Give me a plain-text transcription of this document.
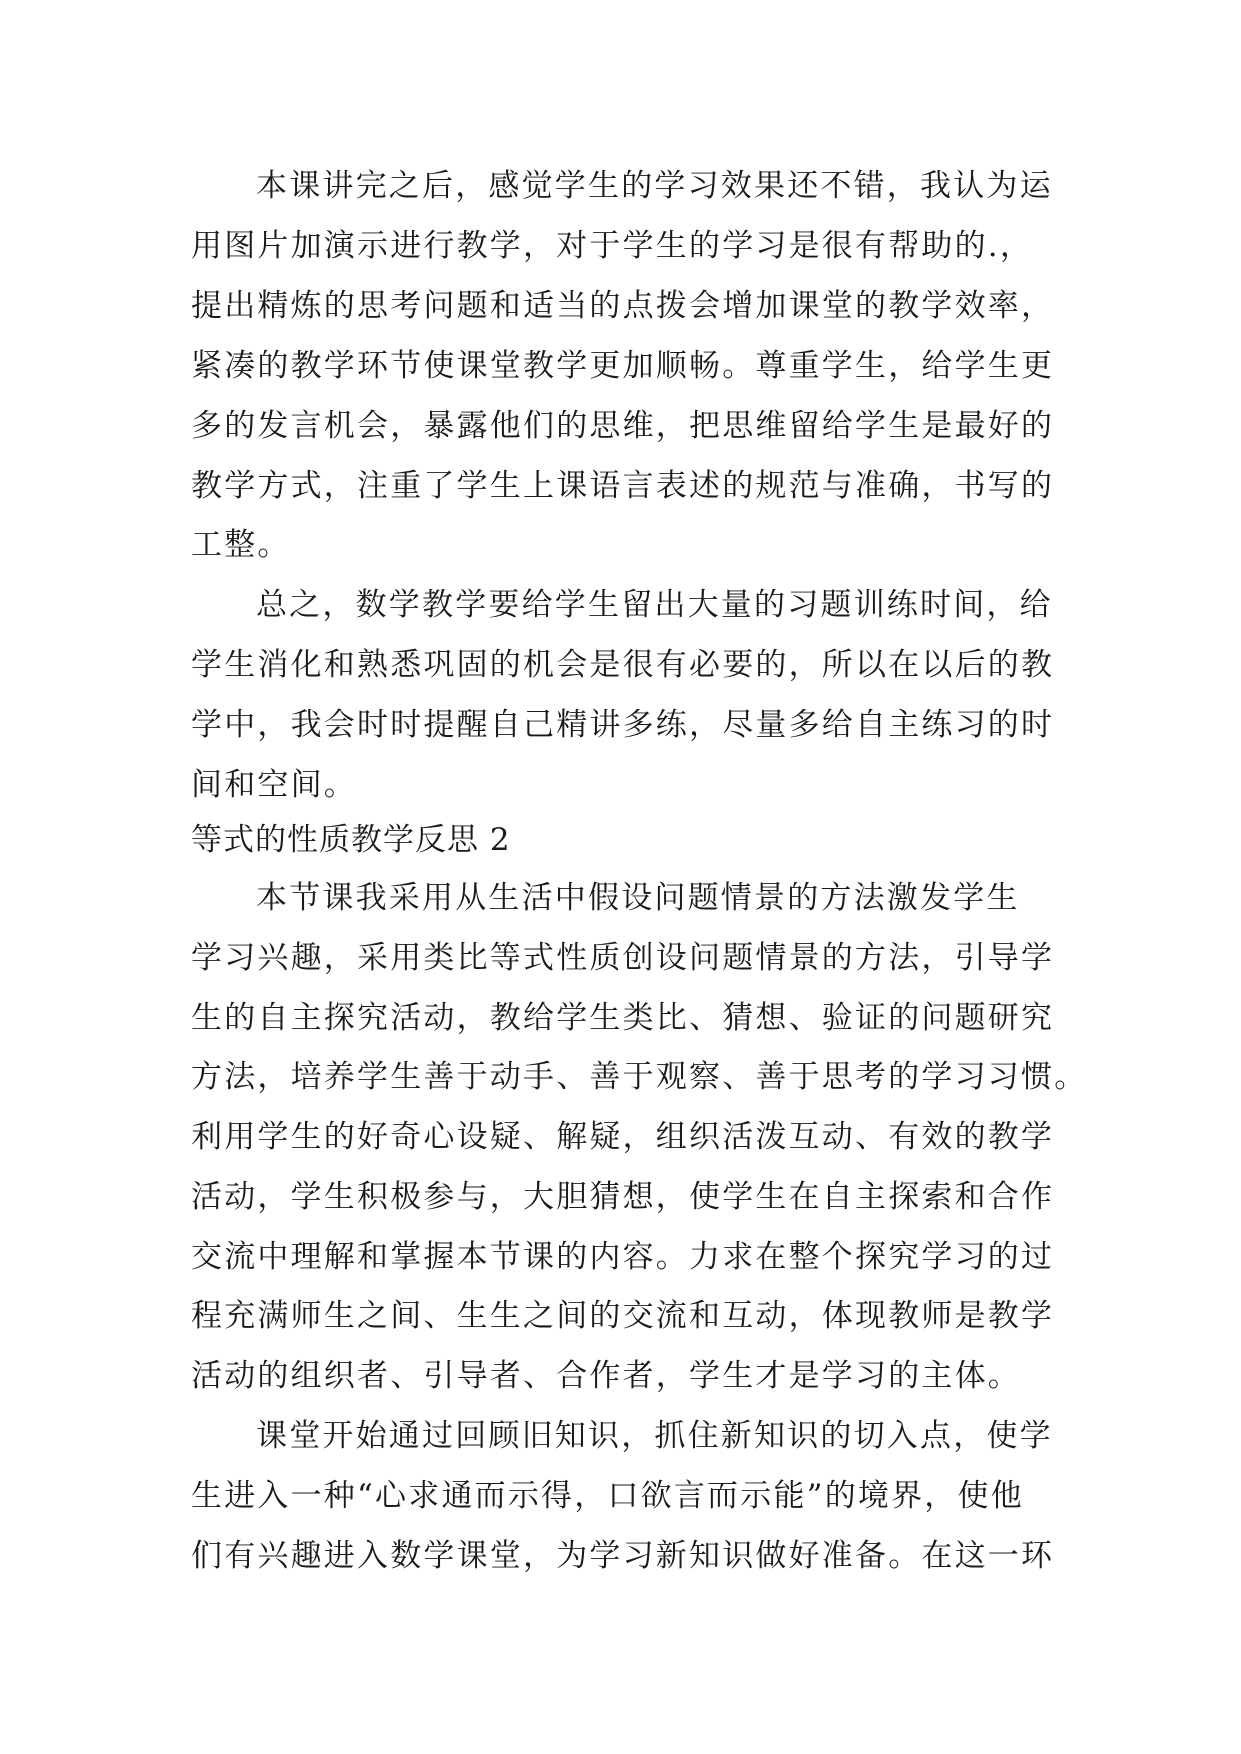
本课讲完之后，感觉学生的学习效果还不错，我认为运
用图片加演示进行教学，对于学生的学习是很有帮助的.，
提出精炼的思考问题和适当的点拨会增加课堂的教学效率，
紧凑的教学环节使课堂教学更加顺畅。尊重学生，给学生更
多的发言机会，暴露他们的思维，把思维留给学生是最好的
教学方式，注重了学生上课语言表述的规范与准确，书写的
工整。
总之，数学教学要给学生留出大量的习题训练时间，给
学生消化和熟悉巩固的机会是很有必要的，所以在以后的教
学中，我会时时提醒自己精讲多练，尽量多给自主练习的时
间和空间。
等式的性质教学反思 2
本节课我采用从生活中假设问题情景的方法激发学生
学习兴趣，采用类比等式性质创设问题情景的方法，引导学
生的自主探究活动，教给学生类比、猜想、验证的问题研究
方法，培养学生善于动手、善于观察、善于思考的学习习惯。
利用学生的好奇心设疑、解疑，组织活泼互动、有效的教学
活动，学生积极参与，大胆猜想，使学生在自主探索和合作
交流中理解和掌握本节课的内容。力求在整个探究学习的过
程充满师生之间、生生之间的交流和互动，体现教师是教学
活动的组织者、引导者、合作者，学生才是学习的主体。
课堂开始通过回顾旧知识，抓住新知识的切入点，使学
生进入一种“心求通而示得，口欲言而示能”的境界，使他
们有兴趣进入数学课堂，为学习新知识做好准备。在这一环
